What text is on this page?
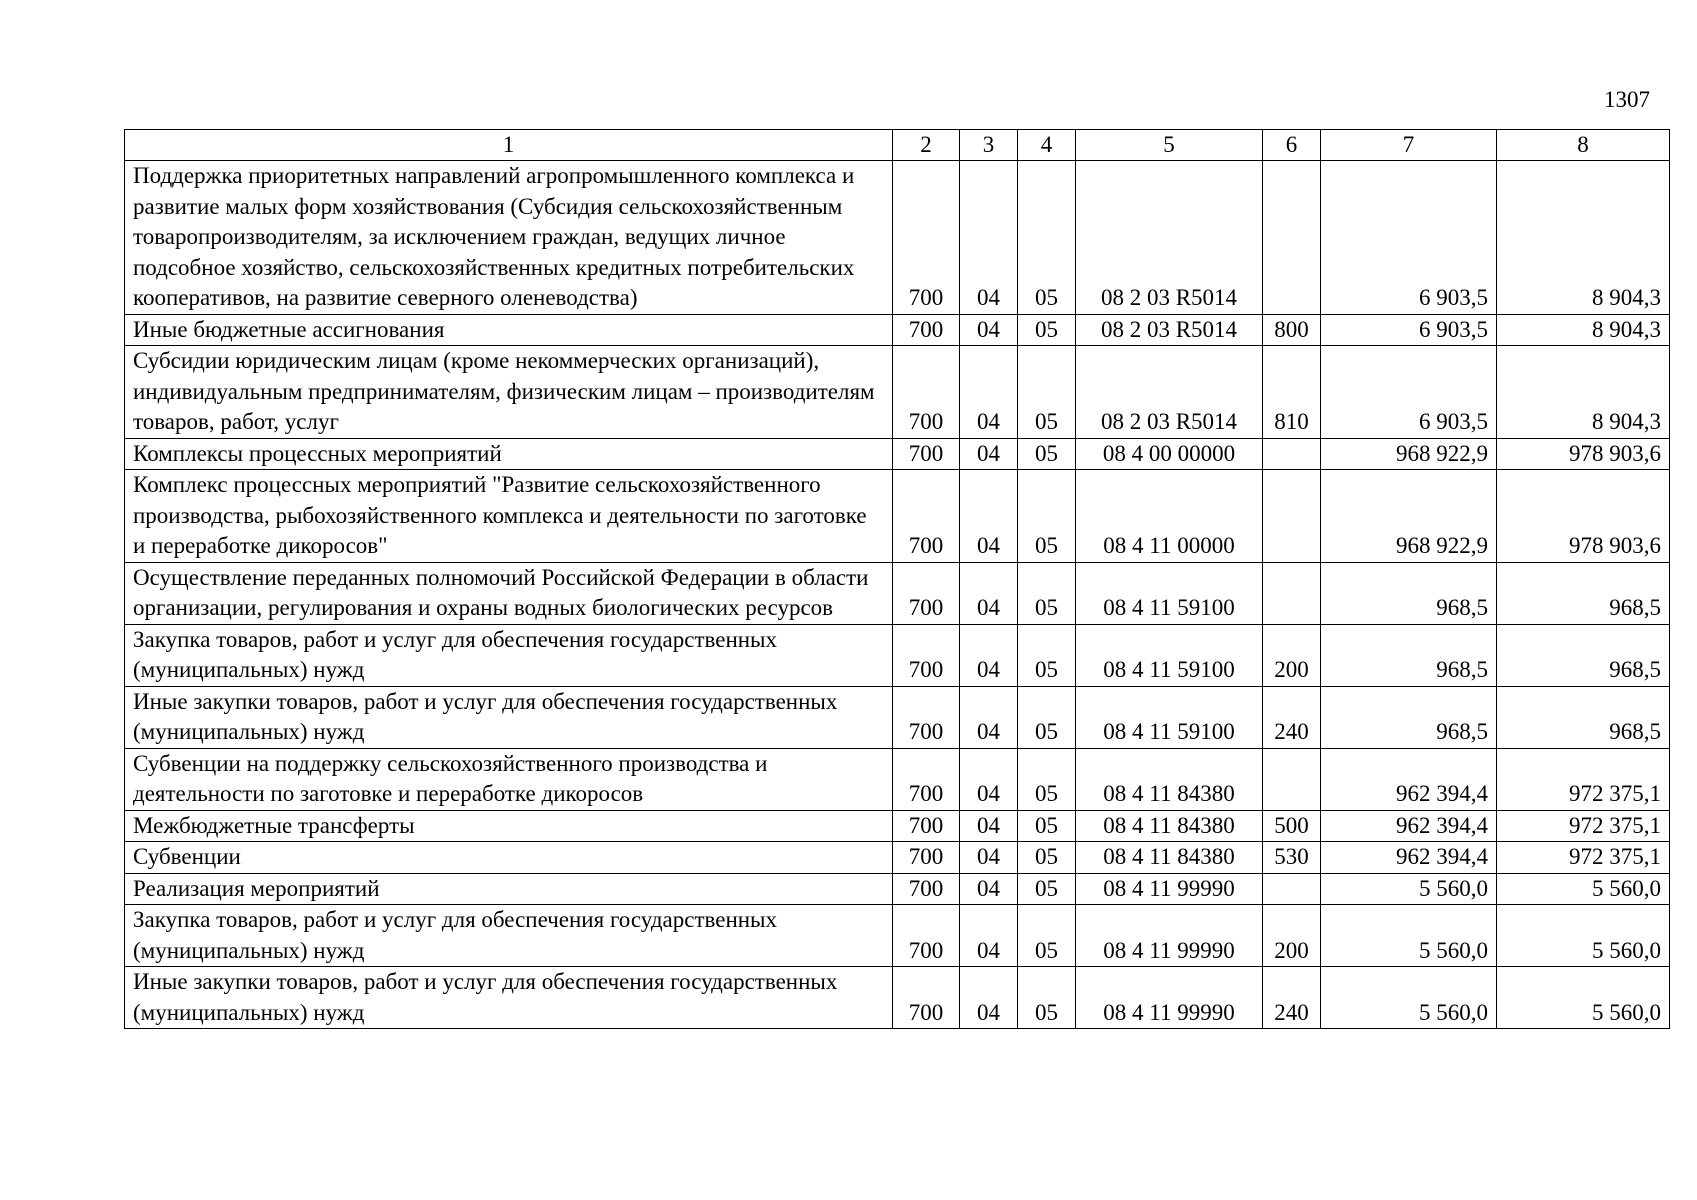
1307
1	2	3	4	5	6	7	8
Поддержка приоритетных направлений агропромышленного комплекса и развитие малых форм хозяйствования (Субсидия сельскохозяйственным товаропроизводителям, за исключением граждан, ведущих личное подсобное хозяйство, сельскохозяйственных кредитных потребительских кооперативов, на развитие северного оленеводства)	700	04	05	08 2 03 R5014		6 903,5	8 904,3
Иные бюджетные ассигнования	700	04	05	08 2 03 R5014	800	6 903,5	8 904,3
Субсидии юридическим лицам (кроме некоммерческих организаций), индивидуальным предпринимателям, физическим лицам – производителям товаров, работ, услуг	700	04	05	08 2 03 R5014	810	6 903,5	8 904,3
Комплексы процессных мероприятий	700	04	05	08 4 00 00000		968 922,9	978 903,6
Комплекс процессных мероприятий "Развитие сельскохозяйственного производства, рыбохозяйственного комплекса и деятельности по заготовке и переработке дикоросов"	700	04	05	08 4 11 00000		968 922,9	978 903,6
Осуществление переданных полномочий Российской Федерации в области организации, регулирования и охраны водных биологических ресурсов	700	04	05	08 4 11 59100		968,5	968,5
Закупка товаров, работ и услуг для обеспечения государственных (муниципальных) нужд	700	04	05	08 4 11 59100	200	968,5	968,5
Иные закупки товаров, работ и услуг для обеспечения государственных (муниципальных) нужд	700	04	05	08 4 11 59100	240	968,5	968,5
Субвенции на поддержку сельскохозяйственного производства и деятельности по заготовке и переработке дикоросов	700	04	05	08 4 11 84380		962 394,4	972 375,1
Межбюджетные трансферты	700	04	05	08 4 11 84380	500	962 394,4	972 375,1
Субвенции	700	04	05	08 4 11 84380	530	962 394,4	972 375,1
Реализация мероприятий	700	04	05	08 4 11 99990		5 560,0	5 560,0
Закупка товаров, работ и услуг для обеспечения государственных (муниципальных) нужд	700	04	05	08 4 11 99990	200	5 560,0	5 560,0
Иные закупки товаров, работ и услуг для обеспечения государственных (муниципальных) нужд	700	04	05	08 4 11 99990	240	5 560,0	5 560,0
